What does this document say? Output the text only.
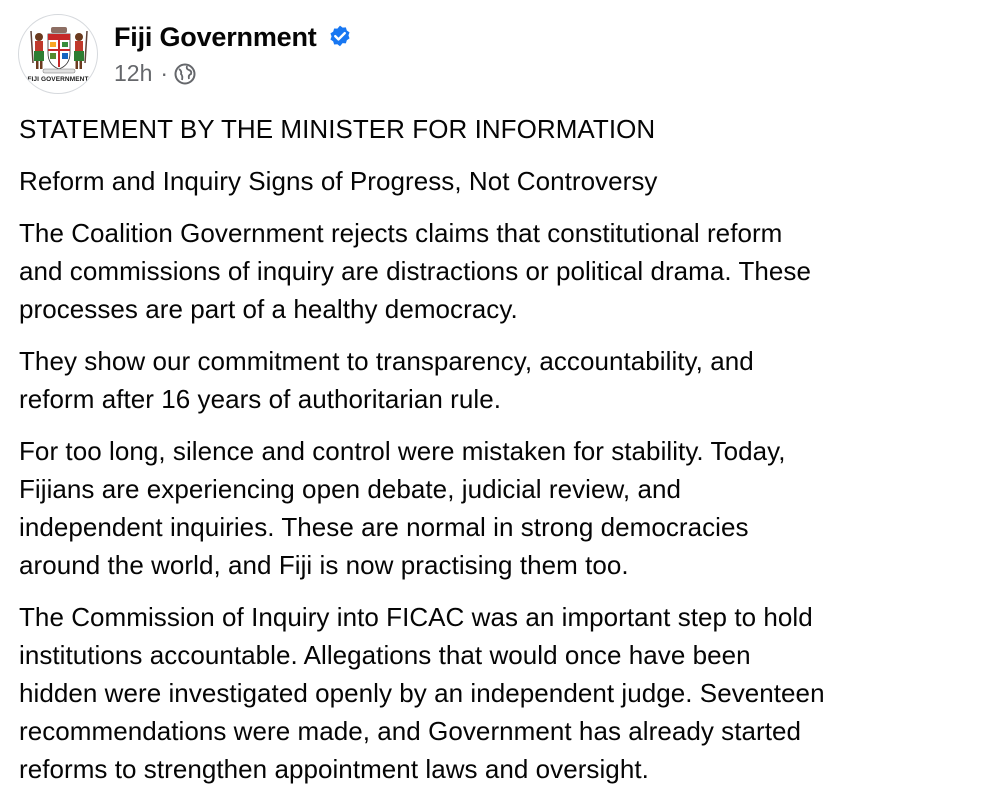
FIJI GOVERNMENT
Fiji Government
12h ·

STATEMENT BY THE MINISTER FOR INFORMATION

Reform and Inquiry Signs of Progress, Not Controversy

The Coalition Government rejects claims that constitutional reform
and commissions of inquiry are distractions or political drama. These
processes are part of a healthy democracy.

They show our commitment to transparency, accountability, and
reform after 16 years of authoritarian rule.

For too long, silence and control were mistaken for stability. Today,
Fijians are experiencing open debate, judicial review, and
independent inquiries. These are normal in strong democracies
around the world, and Fiji is now practising them too.

The Commission of Inquiry into FICAC was an important step to hold
institutions accountable. Allegations that would once have been
hidden were investigated openly by an independent judge. Seventeen
recommendations were made, and Government has already started
reforms to strengthen appointment laws and oversight.
